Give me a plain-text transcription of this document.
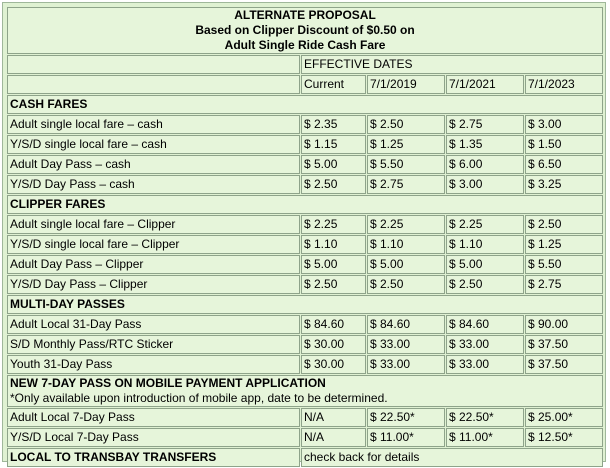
ALTERNATE PROPOSAL
Based on Clipper Discount of $0.50 on
Adult Single Ride Cash Fare				

	EFFECTIVE DATES			
	Current	7/1/2019	7/1/2021	7/1/2023
CASH FARES				
Adult single local fare – cash	$ 2.35	$ 2.50	$ 2.75	$ 3.00
Y/S/D single local fare – cash	$ 1.15	$ 1.25	$ 1.35	$ 1.50
Adult Day Pass – cash	$ 5.00	$ 5.50	$ 6.00	$ 6.50
Y/S/D Day Pass – cash	$ 2.50	$ 2.75	$ 3.00	$ 3.25
CLIPPER FARES				
Adult single local fare – Clipper	$ 2.25	$ 2.25	$ 2.25	$ 2.50
Y/S/D single local fare – Clipper	$ 1.10	$ 1.10	$ 1.10	$ 1.25
Adult Day Pass – Clipper	$ 5.00	$ 5.00	$ 5.00	$ 5.50
Y/S/D Day Pass – Clipper	$ 2.50	$ 2.50	$ 2.50	$ 2.75
MULTI-DAY PASSES				
Adult Local 31-Day Pass	$ 84.60	$ 84.60	$ 84.60	$ 90.00
S/D Monthly Pass/RTC Sticker	$ 30.00	$ 33.00	$ 33.00	$ 37.50
Youth 31-Day Pass	$ 30.00	$ 33.00	$ 33.00	$ 37.50

NEW 7-DAY PASS ON MOBILE PAYMENT APPLICATION
*Only available upon introduction of mobile app, date to be determined.				

Adult Local 7-Day Pass	N/A	$ 22.50*	$ 22.50*	$ 25.00*
Y/S/D Local 7-Day Pass	N/A	$ 11.00*	$ 11.00*	$ 12.50*
LOCAL TO TRANSBAY TRANSFERS	check back for details			
